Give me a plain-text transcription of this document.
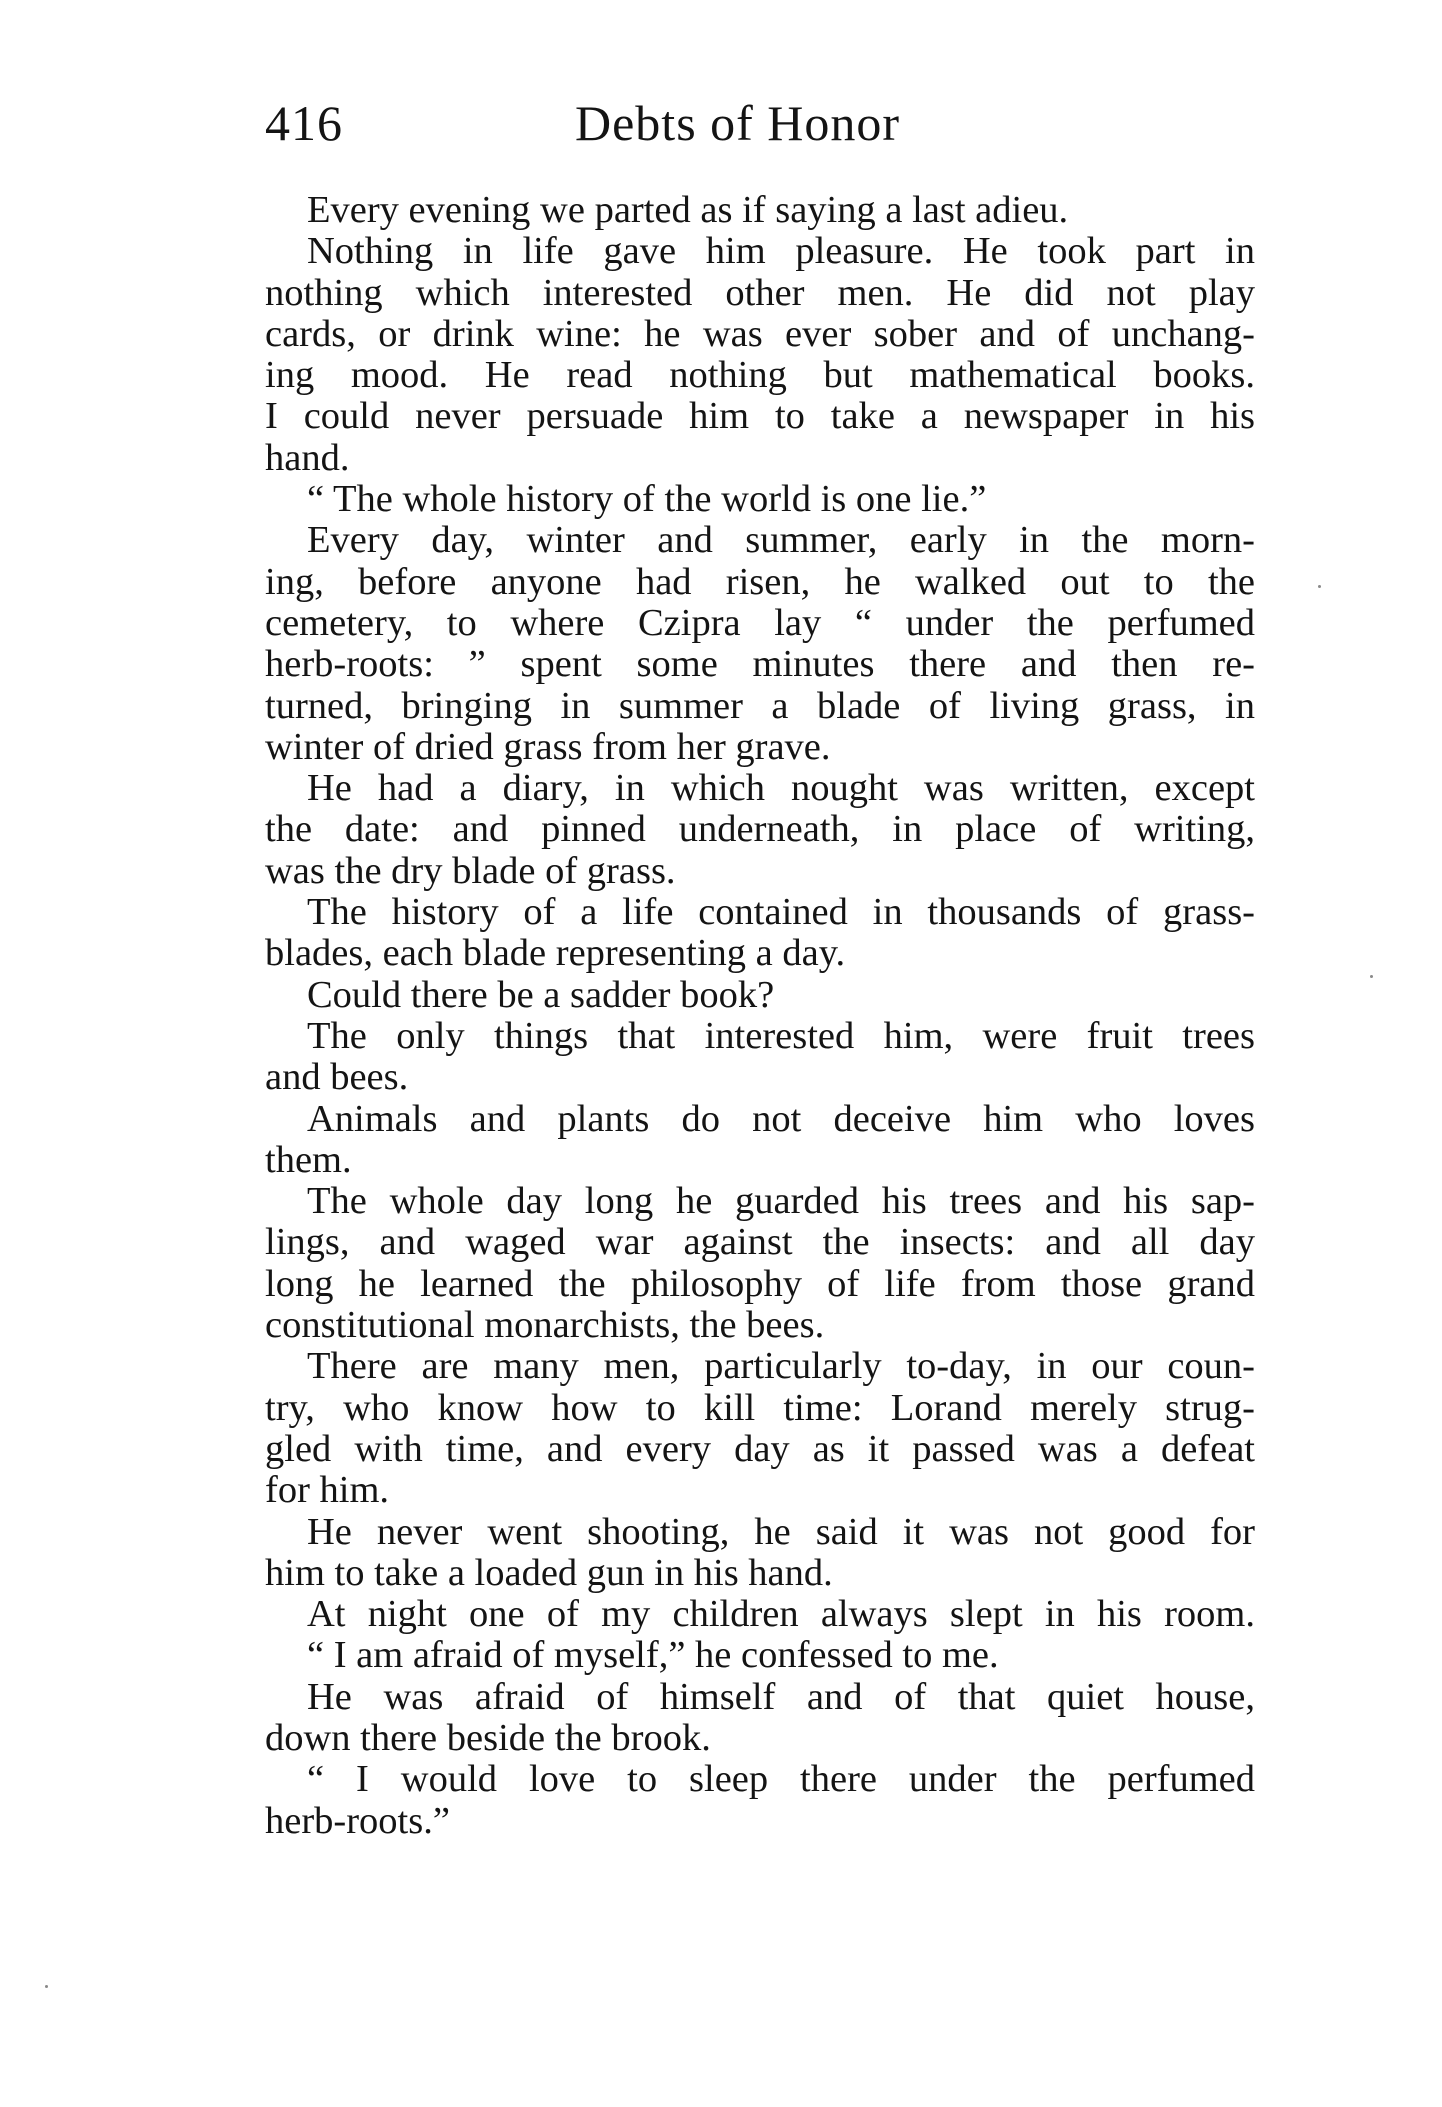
416	Debts of Honor
Every evening we parted as if saying a last adieu.
Nothing in life gave him pleasure. He took part in
nothing which interested other men. He did not play
cards, or drink wine: he was ever sober and of unchang-
ing mood. He read nothing but mathematical books.
I could never persuade him to take a newspaper in his
hand.
“ The whole history of the world is one lie.”
Every day, winter and summer, early in the morn-
ing, before anyone had risen, he walked out to the
cemetery, to where Czipra lay “ under the perfumed
herb-roots: ” spent some minutes there and then re-
turned, bringing in summer a blade of living grass, in
winter of dried grass from her grave.
He had a diary, in which nought was written, except
the date: and pinned underneath, in place of writing,
was the dry blade of grass.
The history of a life contained in thousands of grass-
blades, each blade representing a day.
Could there be a sadder book?
The only things that interested him, were fruit trees
and bees.
Animals and plants do not deceive him who loves
them.
The whole day long he guarded his trees and his sap-
lings, and waged war against the insects: and all day
long he learned the philosophy of life from those grand
constitutional monarchists, the bees.
There are many men, particularly to-day, in our coun-
try, who know how to kill time: Lorand merely strug-
gled with time, and every day as it passed was a defeat
for him.
He never went shooting, he said it was not good for
him to take a loaded gun in his hand.
At night one of my children always slept in his room.
“ I am afraid of myself,” he confessed to me.
He was afraid of himself and of that quiet house,
down there beside the brook.
“ I would love to sleep there under the perfumed
herb-roots.”
